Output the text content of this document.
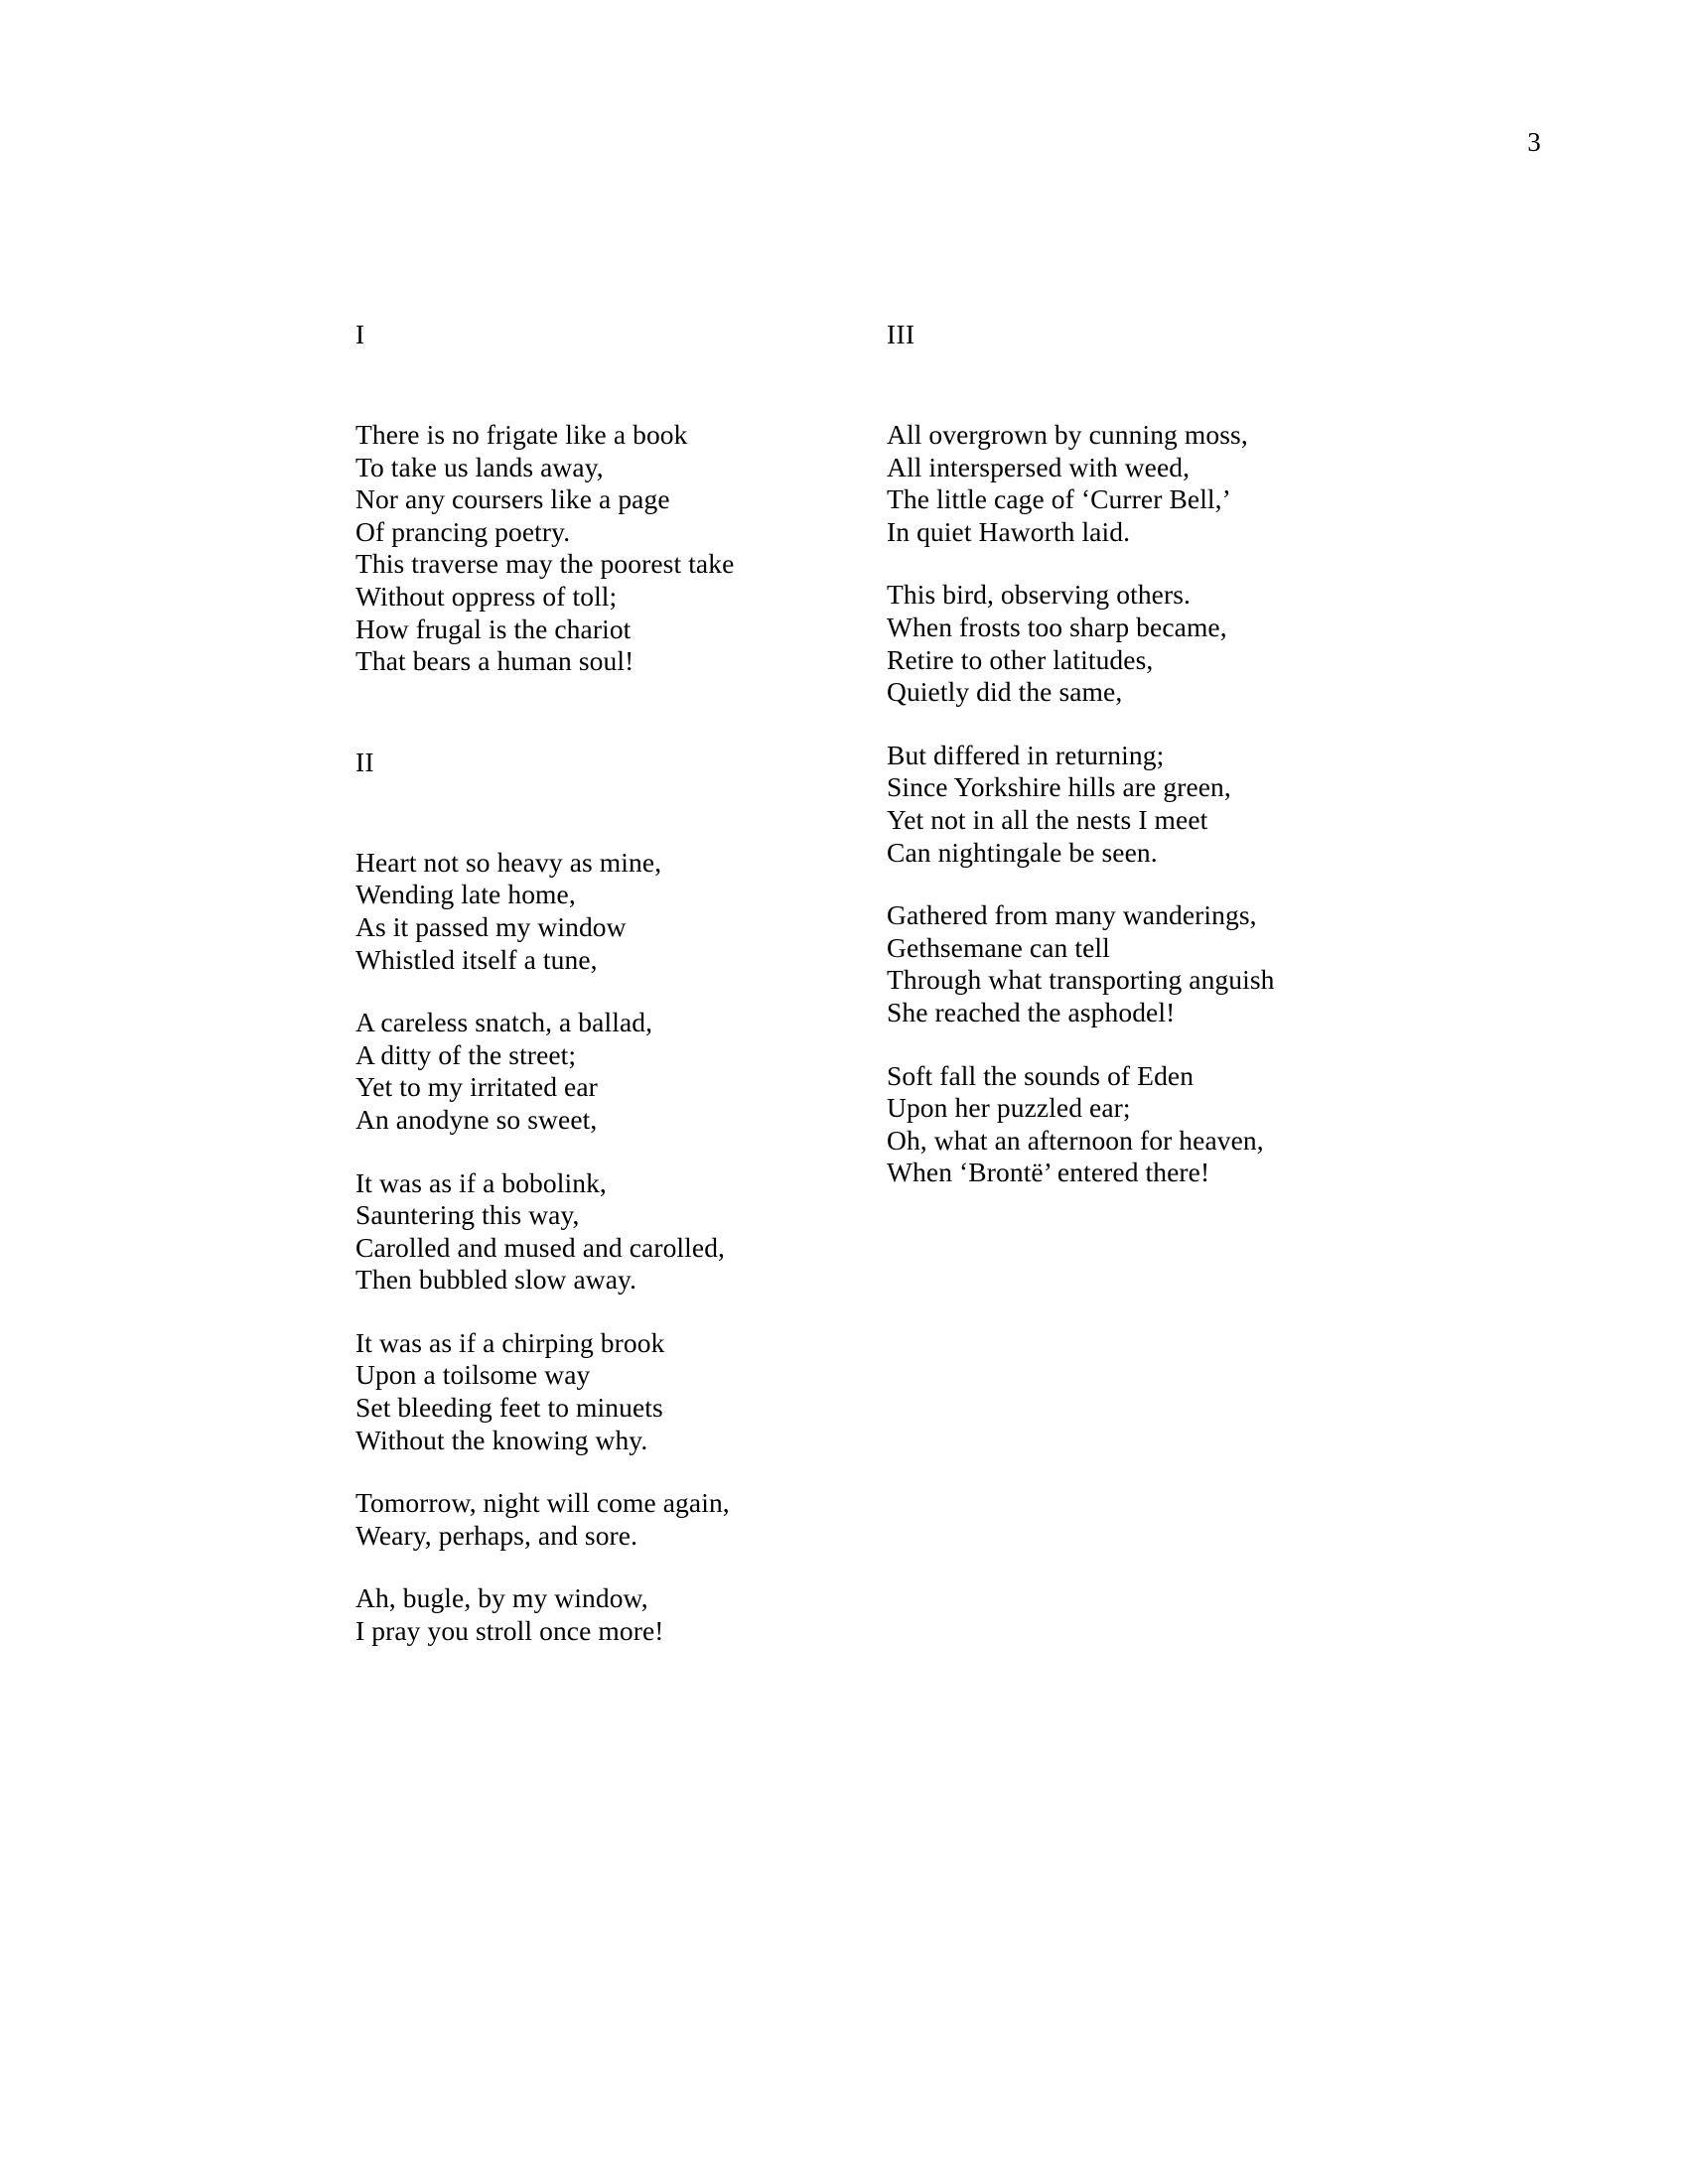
3
I
There is no frigate like a book
To take us lands away,
Nor any coursers like a page
Of prancing poetry.
This traverse may the poorest take
Without oppress of toll;
How frugal is the chariot
That bears a human soul!
II
Heart not so heavy as mine,
Wending late home,
As it passed my window
Whistled itself a tune,
A careless snatch, a ballad,
A ditty of the street;
Yet to my irritated ear
An anodyne so sweet,
It was as if a bobolink,
Sauntering this way,
Carolled and mused and carolled,
Then bubbled slow away.
It was as if a chirping brook
Upon a toilsome way
Set bleeding feet to minuets
Without the knowing why.
Tomorrow, night will come again,
Weary, perhaps, and sore.
Ah, bugle, by my window,
I pray you stroll once more!
III
All overgrown by cunning moss,
All interspersed with weed,
The little cage of ‘Currer Bell,’
In quiet Haworth laid.
This bird, observing others.
When frosts too sharp became,
Retire to other latitudes,
Quietly did the same,
But differed in returning;
Since Yorkshire hills are green,
Yet not in all the nests I meet
Can nightingale be seen.
Gathered from many wanderings,
Gethsemane can tell
Through what transporting anguish
She reached the asphodel!
Soft fall the sounds of Eden
Upon her puzzled ear;
Oh, what an afternoon for heaven,
When ‘Brontë’ entered there!
